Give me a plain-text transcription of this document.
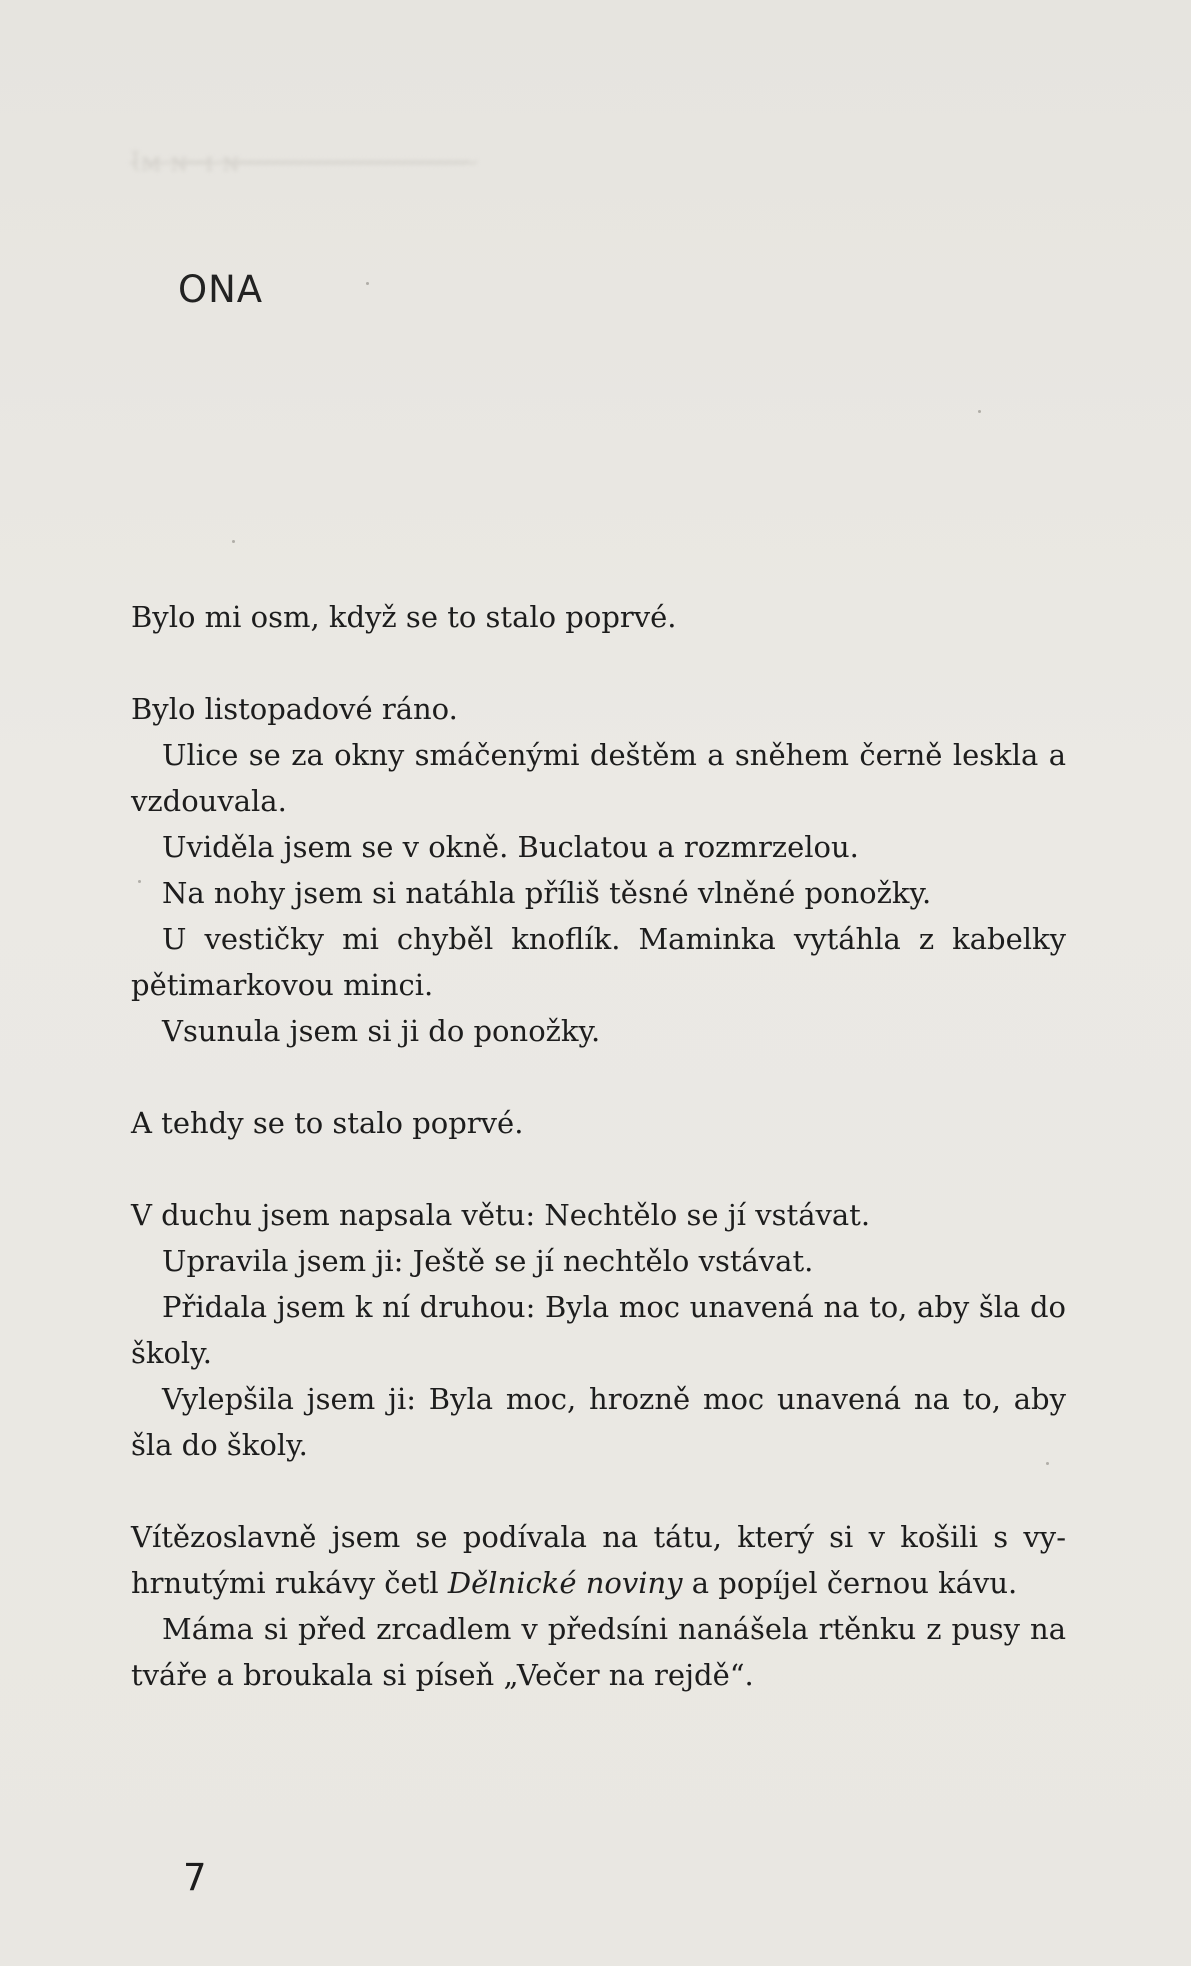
Ɩ̴ᴍ̴ ̴ɴ̴ ̴ ̴ɪ̴ ̴ɴ̴ ̴ ̴ ̴ ̴ ̴ ̴ ̴ ̴ ̴ ̴ ̴ ̴ ̴ ̴ ̴ ̴ ̴ ̴ ̴ ̴ ̴ ̴ ̴ ̴ ̴ ̴ ̴ ̴

ONA

Bylo mi osm, když se to stalo poprvé.

Bylo listopadové ráno.

Ulice se za okny smáčenými deštěm a sněhem černě leskla a vzdouvala.

Uviděla jsem se v okně. Buclatou a rozmrzelou.

Na nohy jsem si natáhla příliš těsné vlněné ponožky.

U vestičky mi chyběl knoflík. Maminka vytáhla z kabelky pětimarkovou minci.

Vsunula jsem si ji do ponožky.

A tehdy se to stalo poprvé.

V duchu jsem napsala větu: Nechtělo se jí vstávat.

Upravila jsem ji: Ještě se jí nechtělo vstávat.

Přidala jsem k ní druhou: Byla moc unavená na to, aby šla do školy.

Vylepšila jsem ji: Byla moc, hrozně moc unavená na to, aby šla do školy.

Vítězoslavně jsem se podívala na tátu, který si v košili s vyhrnutými rukávy četl Dělnické noviny a popíjel černou kávu.

Máma si před zrcadlem v předsíni nanášela rtěnku z pusy na tváře a broukala si píseň „Večer na rejdě“.

7
